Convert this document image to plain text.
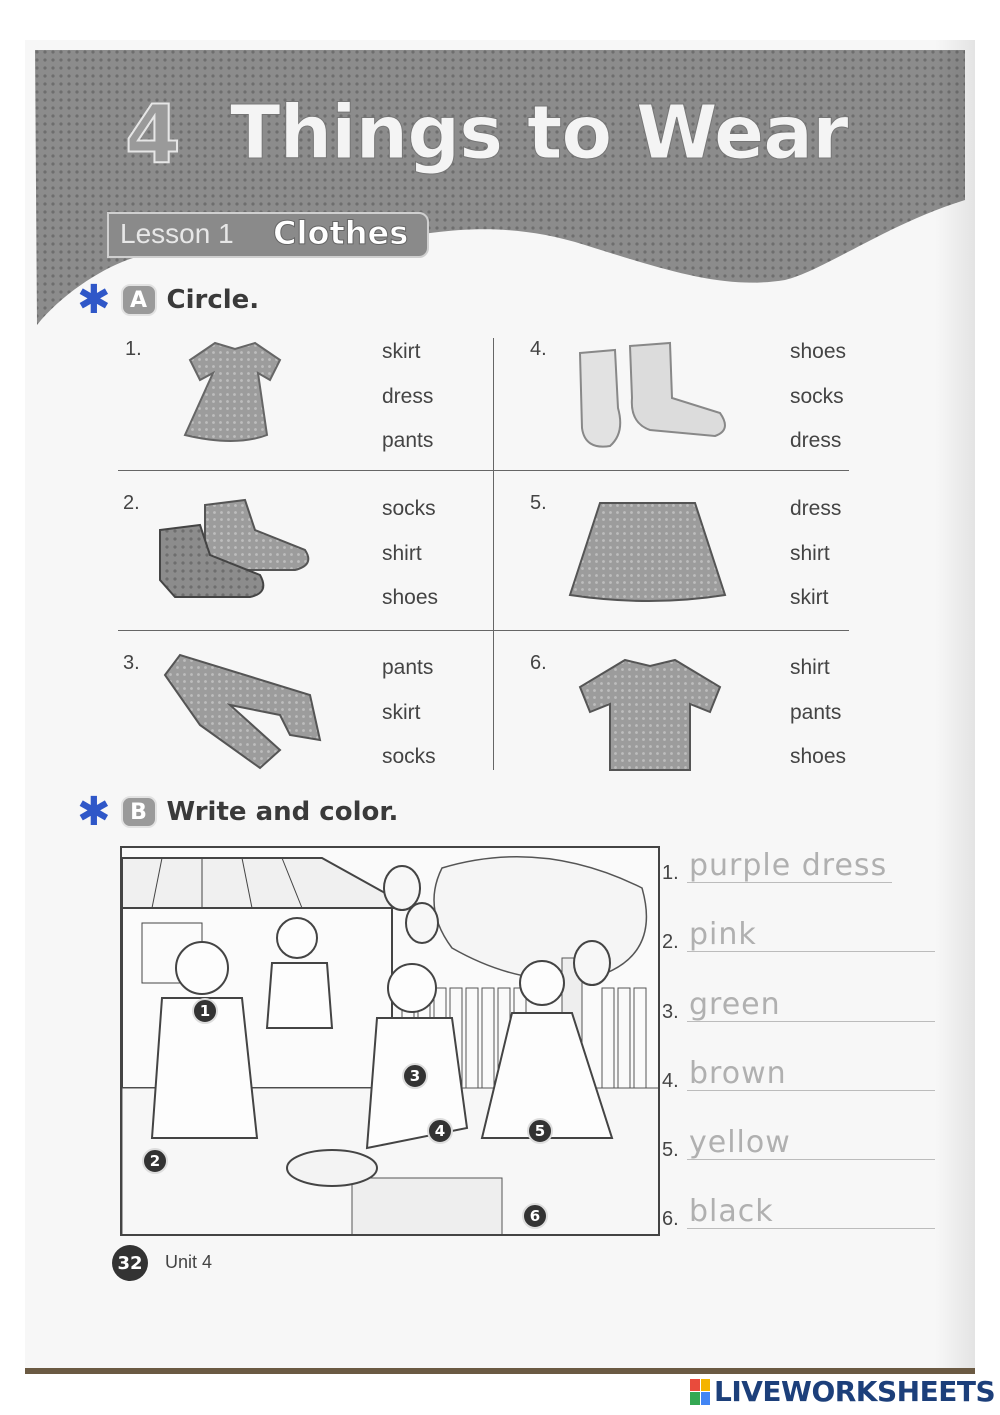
4 Things to Wear
Lesson 1 Clothes
✱ A Circle.
1.	skirt
dress
pants
2.	socks
shirt
shoes
3.	pants
skirt
socks
4.	shoes
socks
dress
5.	dress
shirt
skirt
6.	shirt
pants
shoes
✱ B Write and color.
1
2
3
4	5
6
1. purple dress
2. pink
3. green
4. brown
5. yellow
6. black
32	Unit 4
LIVEWORKSHEETS
